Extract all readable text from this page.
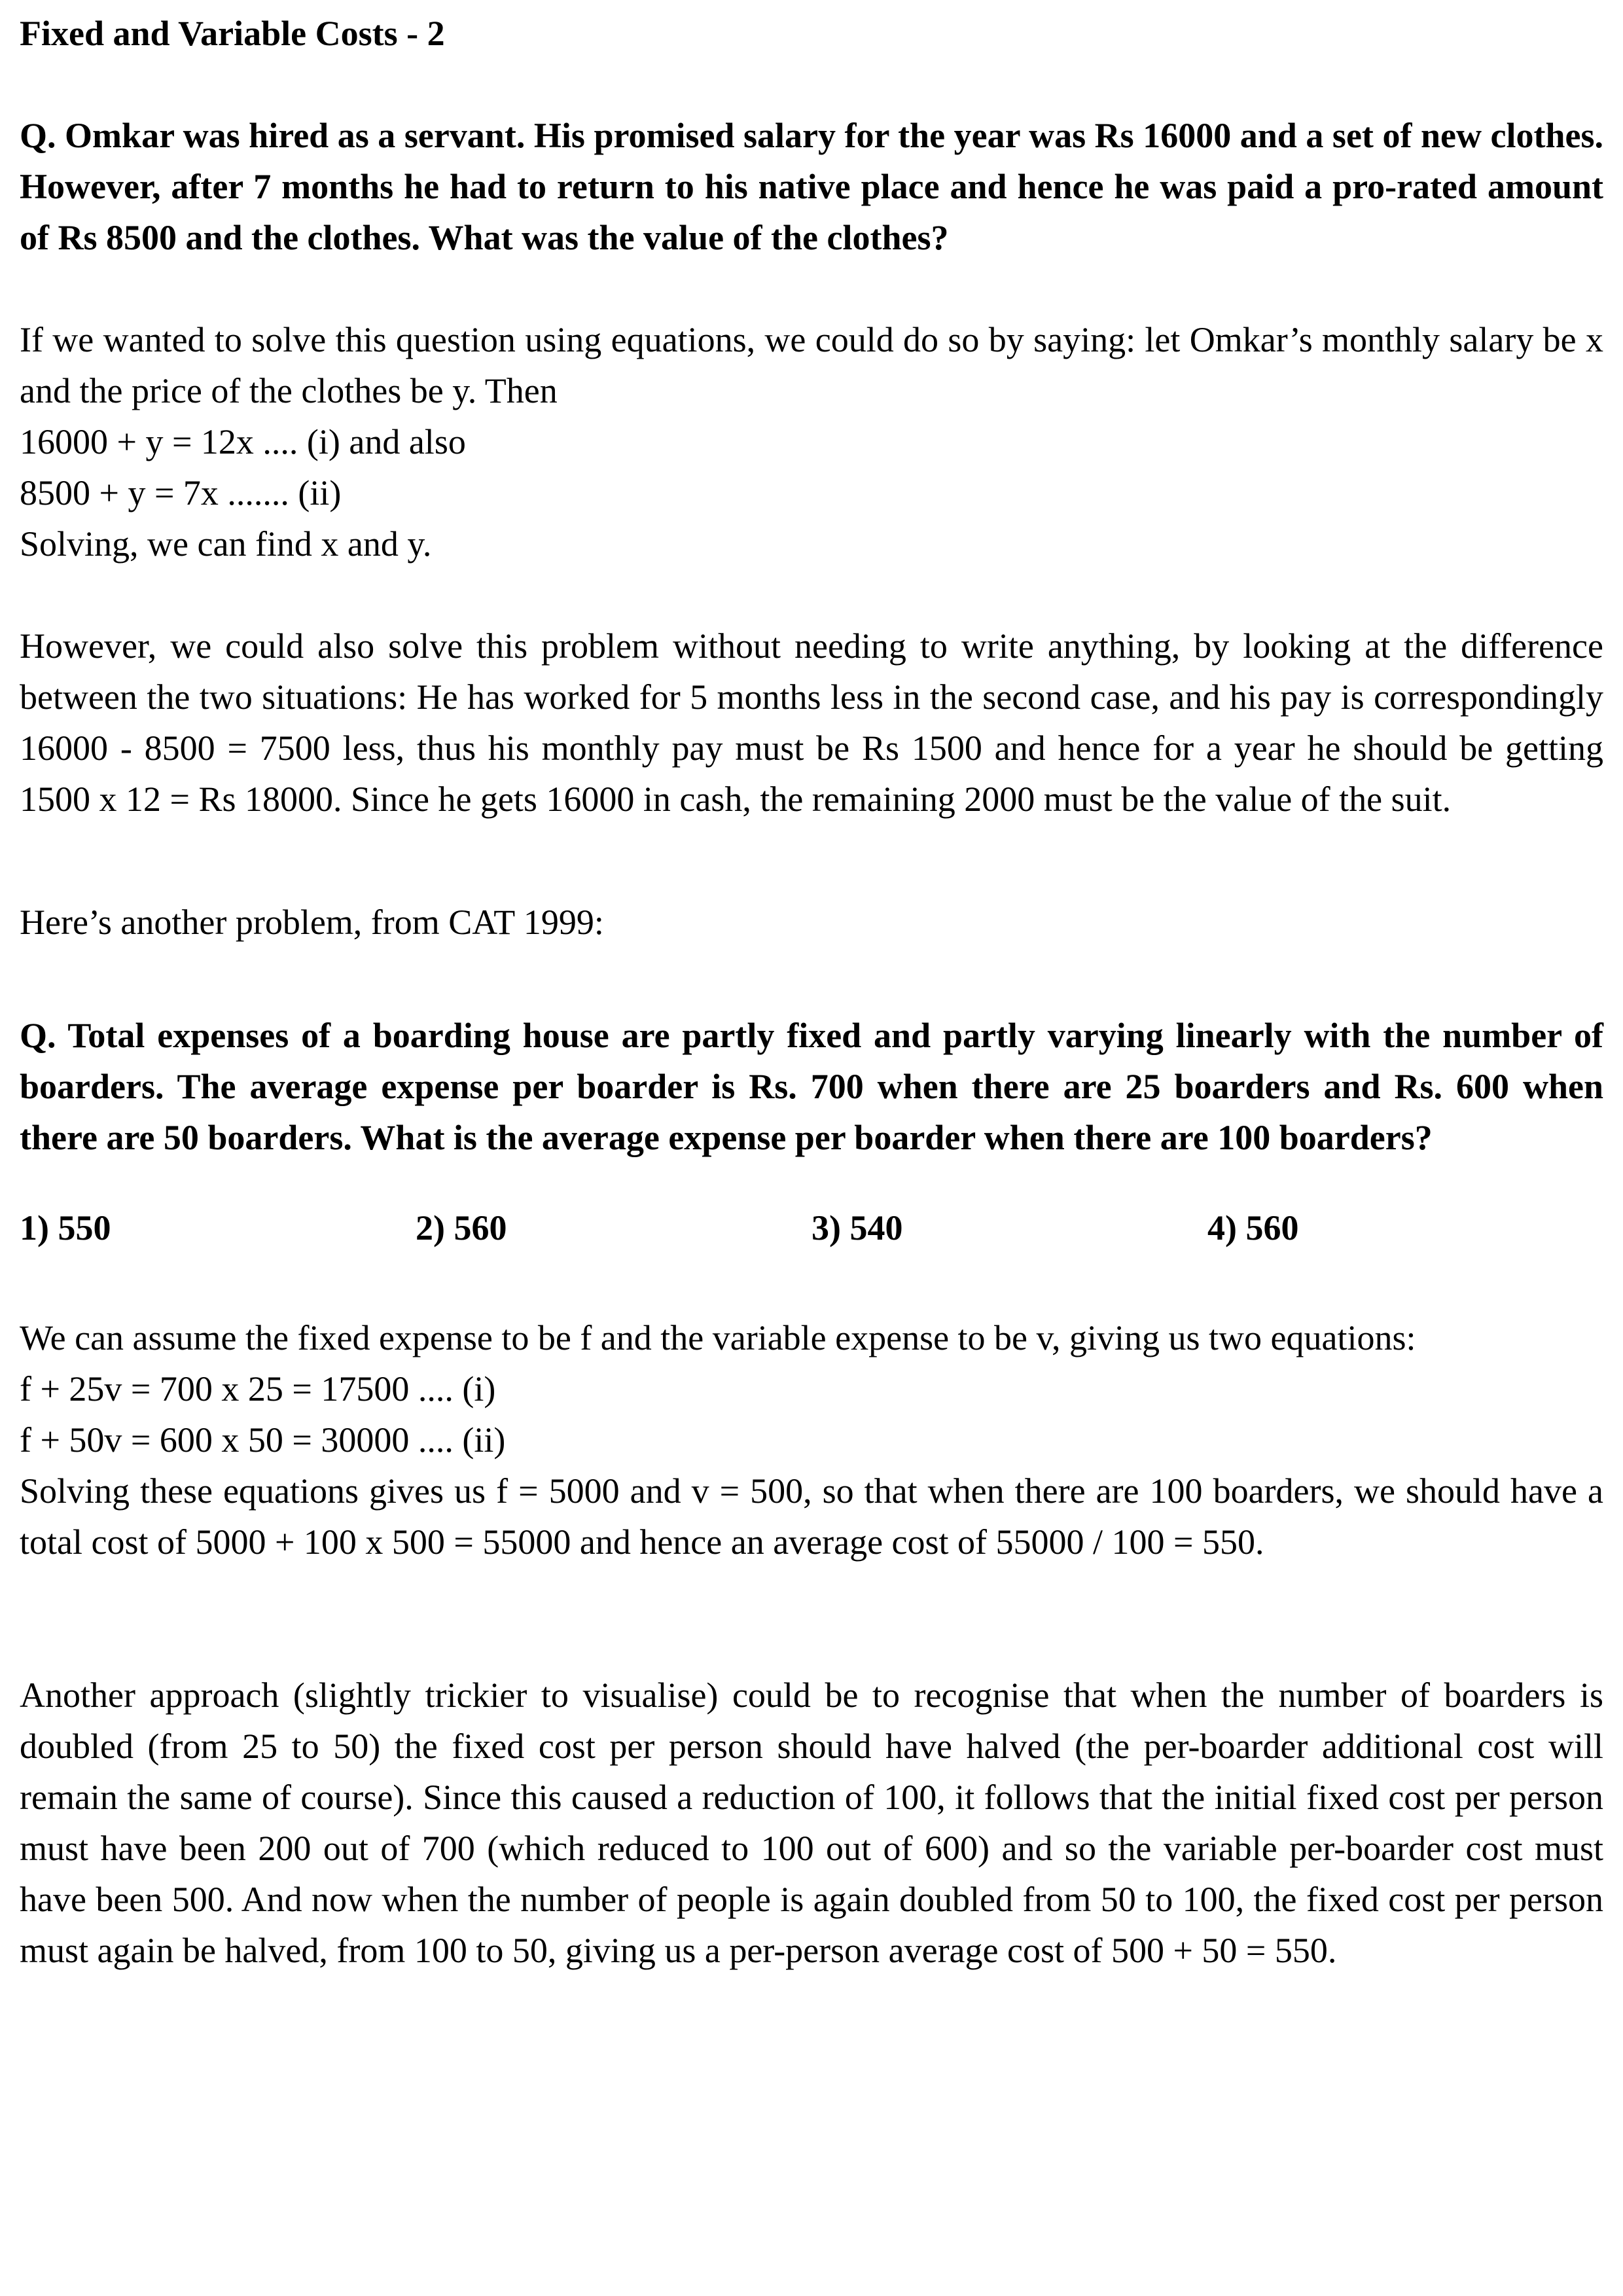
Fixed and Variable Costs - 2

Q. Omkar was hired as a servant. His promised salary for the year was Rs 16000 and a set of new clothes. However, after 7 months he had to return to his native place and hence he was paid a pro-rated amount of Rs 8500 and the clothes. What was the value of the clothes?

If we wanted to solve this question using equations, we could do so by saying: let Omkar’s monthly salary be x and the price of the clothes be y. Then

16000 + y = 12x .... (i) and also

8500 + y = 7x ....... (ii)

Solving, we can find x and y.

However, we could also solve this problem without needing to write anything, by looking at the difference between the two situations: He has worked for 5 months less in the second case, and his pay is correspondingly 16000 - 8500 = 7500 less, thus his monthly pay must be Rs 1500 and hence for a year he should be getting 1500 x 12 = Rs 18000. Since he gets 16000 in cash, the remaining 2000 must be the value of the suit.

Here’s another problem, from CAT 1999:

Q. Total expenses of a boarding house are partly fixed and partly varying linearly with the number of boarders. The average expense per boarder is Rs. 700 when there are 25 boarders and Rs. 600 when there are 50 boarders. What is the average expense per boarder when there are 100 boarders?

1) 550	2) 560	3) 540	4) 560

We can assume the fixed expense to be f and the variable expense to be v, giving us two equations:

f + 25v = 700 x 25 = 17500 .... (i)

f + 50v = 600 x 50 = 30000 .... (ii)

Solving these equations gives us f = 5000 and v = 500, so that when there are 100 boarders, we should have a total cost of 5000 + 100 x 500 = 55000 and hence an average cost of 55000 / 100 = 550.

Another approach (slightly trickier to visualise) could be to recognise that when the number of boarders is doubled (from 25 to 50) the fixed cost per person should have halved (the per-boarder additional cost will remain the same of course). Since this caused a reduction of 100, it follows that the initial fixed cost per person must have been 200 out of 700 (which reduced to 100 out of 600) and so the variable per-boarder cost must have been 500. And now when the number of people is again doubled from 50 to 100, the fixed cost per person must again be halved, from 100 to 50, giving us a per-person average cost of 500 + 50 = 550.
